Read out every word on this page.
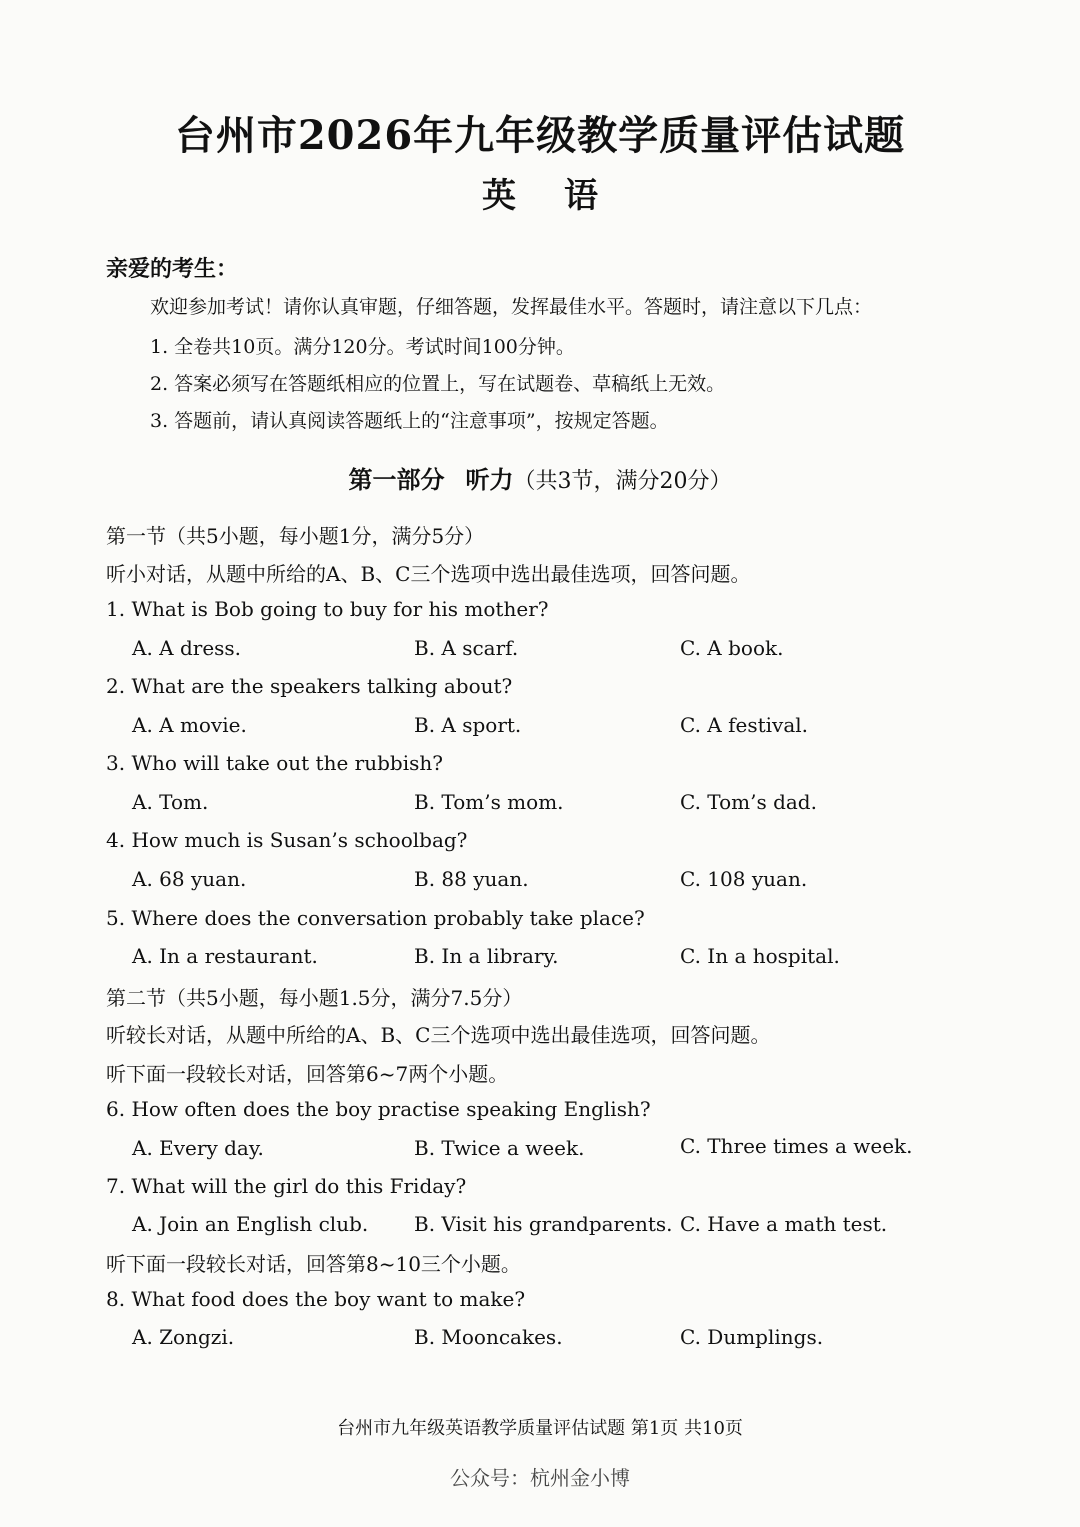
台州市2026年九年级教学质量评估试题
英 语
亲爱的考生：
欢迎参加考试！请你认真审题，仔细答题，发挥最佳水平。答题时，请注意以下几点：
1. 全卷共10页。满分120分。考试时间100分钟。
2. 答案必须写在答题纸相应的位置上，写在试题卷、草稿纸上无效。
3. 答题前，请认真阅读答题纸上的“注意事项”，按规定答题。
第一部分 听力（共3节，满分20分）
第一节（共5小题，每小题1分，满分5分）
听小对话，从题中所给的A、B、C三个选项中选出最佳选项，回答问题。
1. What is Bob going to buy for his mother?
A. A dress.	B. A scarf.	C. A book.
2. What are the speakers talking about?
A. A movie.	B. A sport.	C. A festival.
3. Who will take out the rubbish?
A. Tom.	B. Tom’s mom.	C. Tom’s dad.
4. How much is Susan’s schoolbag?
A. 68 yuan.	B. 88 yuan.	C. 108 yuan.
5. Where does the conversation probably take place?
A. In a restaurant.	B. In a library.	C. In a hospital.
第二节（共5小题，每小题1.5分，满分7.5分）
听较长对话，从题中所给的A、B、C三个选项中选出最佳选项，回答问题。
听下面一段较长对话，回答第6~7两个小题。
6. How often does the boy practise speaking English?
A. Every day.	B. Twice a week.	C. Three times a week.
7. What will the girl do this Friday?
A. Join an English club. B. Visit his grandparents. C. Have a math test.
听下面一段较长对话，回答第8~10三个小题。
8. What food does the boy want to make?
A. Zongzi.	B. Mooncakes.	C. Dumplings.
台州市九年级英语教学质量评估试题 第1页 共10页
公众号：杭州金小博
